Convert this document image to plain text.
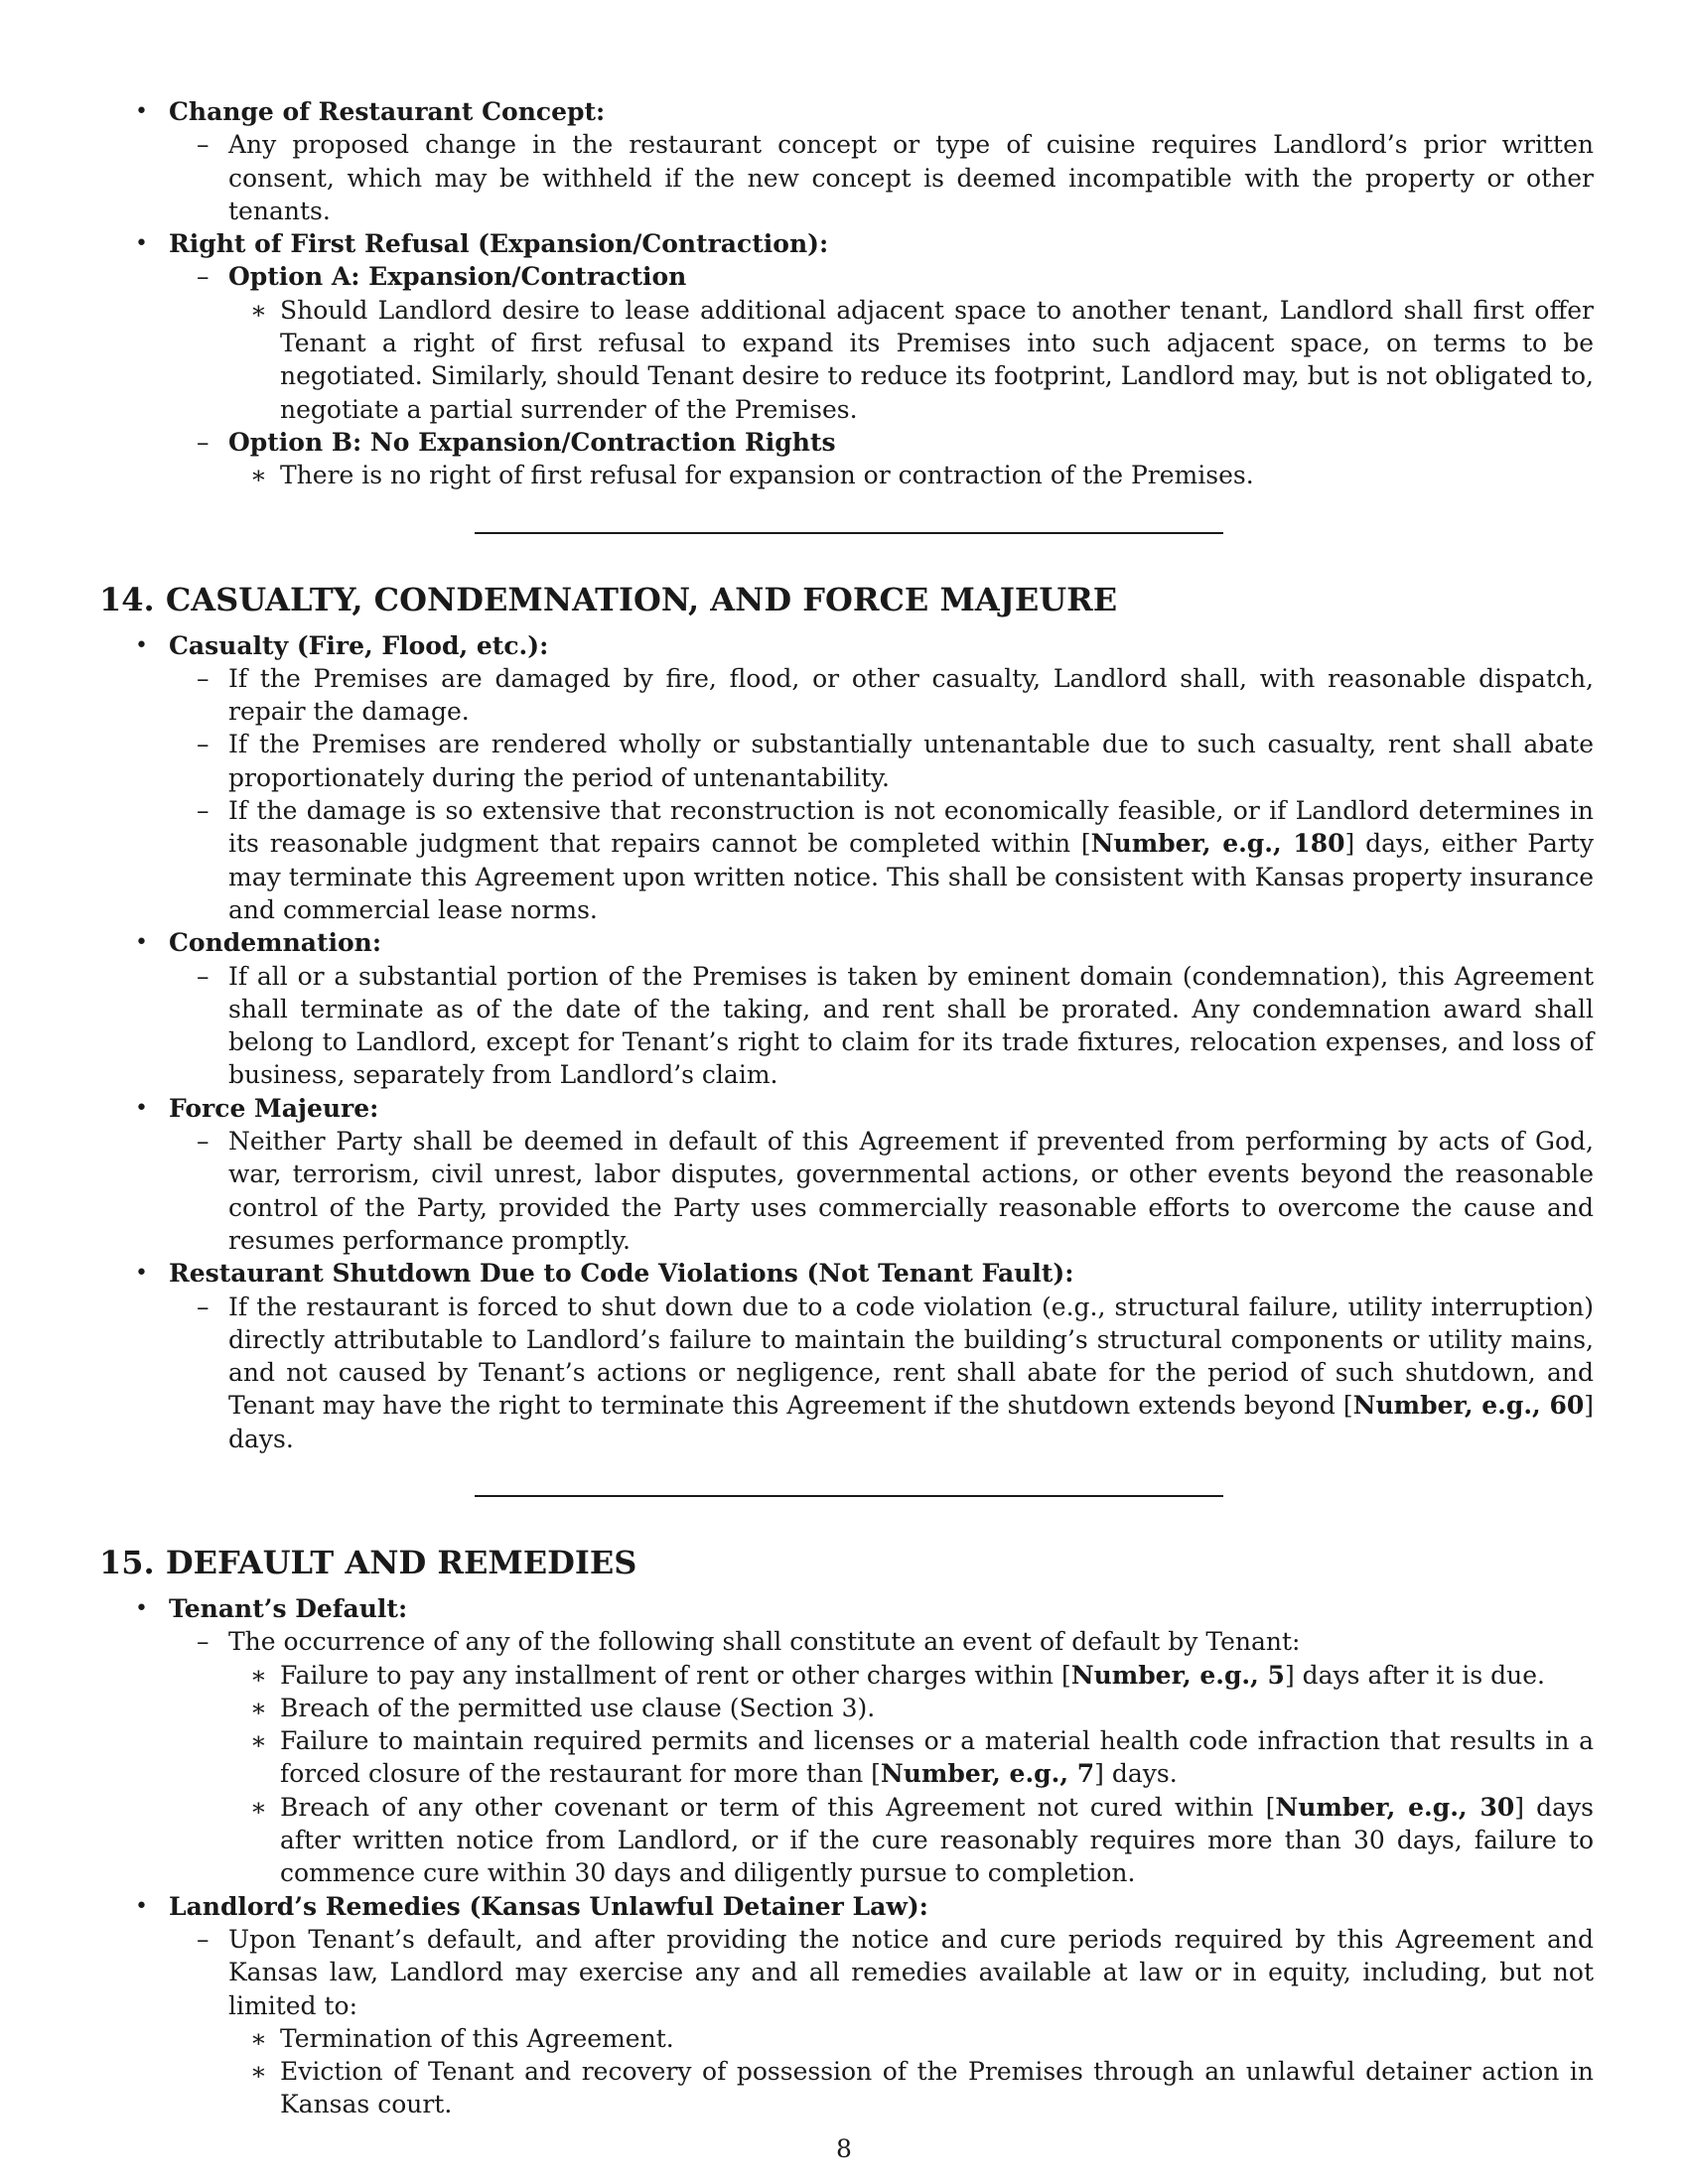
• Change of Restaurant Concept:
– Any proposed change in the restaurant concept or type of cuisine requires Landlord’s prior written consent, which may be withheld if the new concept is deemed incompatible with the property or other tenants.
• Right of First Refusal (Expansion/Contraction):
– Option A: Expansion/Contraction
∗ Should Landlord desire to lease additional adjacent space to another tenant, Landlord shall first offer Tenant a right of first refusal to expand its Premises into such adjacent space, on terms to be negotiated. Similarly, should Tenant desire to reduce its footprint, Landlord may, but is not obligated to, negotiate a partial surrender of the Premises.
– Option B: No Expansion/Contraction Rights
∗ There is no right of first refusal for expansion or contraction of the Premises.
14. CASUALTY, CONDEMNATION, AND FORCE MAJEURE
• Casualty (Fire, Flood, etc.):
– If the Premises are damaged by fire, flood, or other casualty, Landlord shall, with reasonable dispatch, repair the damage.
– If the Premises are rendered wholly or substantially untenantable due to such casualty, rent shall abate proportionately during the period of untenantability.
– If the damage is so extensive that reconstruction is not economically feasible, or if Landlord determines in its reasonable judgment that repairs cannot be completed within [Number, e.g., 180] days, either Party may terminate this Agreement upon written notice. This shall be consistent with Kansas property insurance and commercial lease norms.
• Condemnation:
– If all or a substantial portion of the Premises is taken by eminent domain (condemnation), this Agreement shall terminate as of the date of the taking, and rent shall be prorated. Any condemnation award shall belong to Landlord, except for Tenant’s right to claim for its trade fixtures, relocation expenses, and loss of business, separately from Landlord’s claim.
• Force Majeure:
– Neither Party shall be deemed in default of this Agreement if prevented from performing by acts of God, war, terrorism, civil unrest, labor disputes, governmental actions, or other events beyond the reasonable control of the Party, provided the Party uses commercially reasonable efforts to overcome the cause and resumes performance promptly.
• Restaurant Shutdown Due to Code Violations (Not Tenant Fault):
– If the restaurant is forced to shut down due to a code violation (e.g., structural failure, utility interruption) directly attributable to Landlord’s failure to maintain the building’s structural components or utility mains, and not caused by Tenant’s actions or negligence, rent shall abate for the period of such shutdown, and Tenant may have the right to terminate this Agreement if the shutdown extends beyond [Number, e.g., 60] days.
15. DEFAULT AND REMEDIES
• Tenant’s Default:
– The occurrence of any of the following shall constitute an event of default by Tenant:
∗ Failure to pay any installment of rent or other charges within [Number, e.g., 5] days after it is due.
∗ Breach of the permitted use clause (Section 3).
∗ Failure to maintain required permits and licenses or a material health code infraction that results in a forced closure of the restaurant for more than [Number, e.g., 7] days.
∗ Breach of any other covenant or term of this Agreement not cured within [Number, e.g., 30] days after written notice from Landlord, or if the cure reasonably requires more than 30 days, failure to commence cure within 30 days and diligently pursue to completion.
• Landlord’s Remedies (Kansas Unlawful Detainer Law):
– Upon Tenant’s default, and after providing the notice and cure periods required by this Agreement and Kansas law, Landlord may exercise any and all remedies available at law or in equity, including, but not limited to:
∗ Termination of this Agreement.
∗ Eviction of Tenant and recovery of possession of the Premises through an unlawful detainer action in Kansas court.
8
